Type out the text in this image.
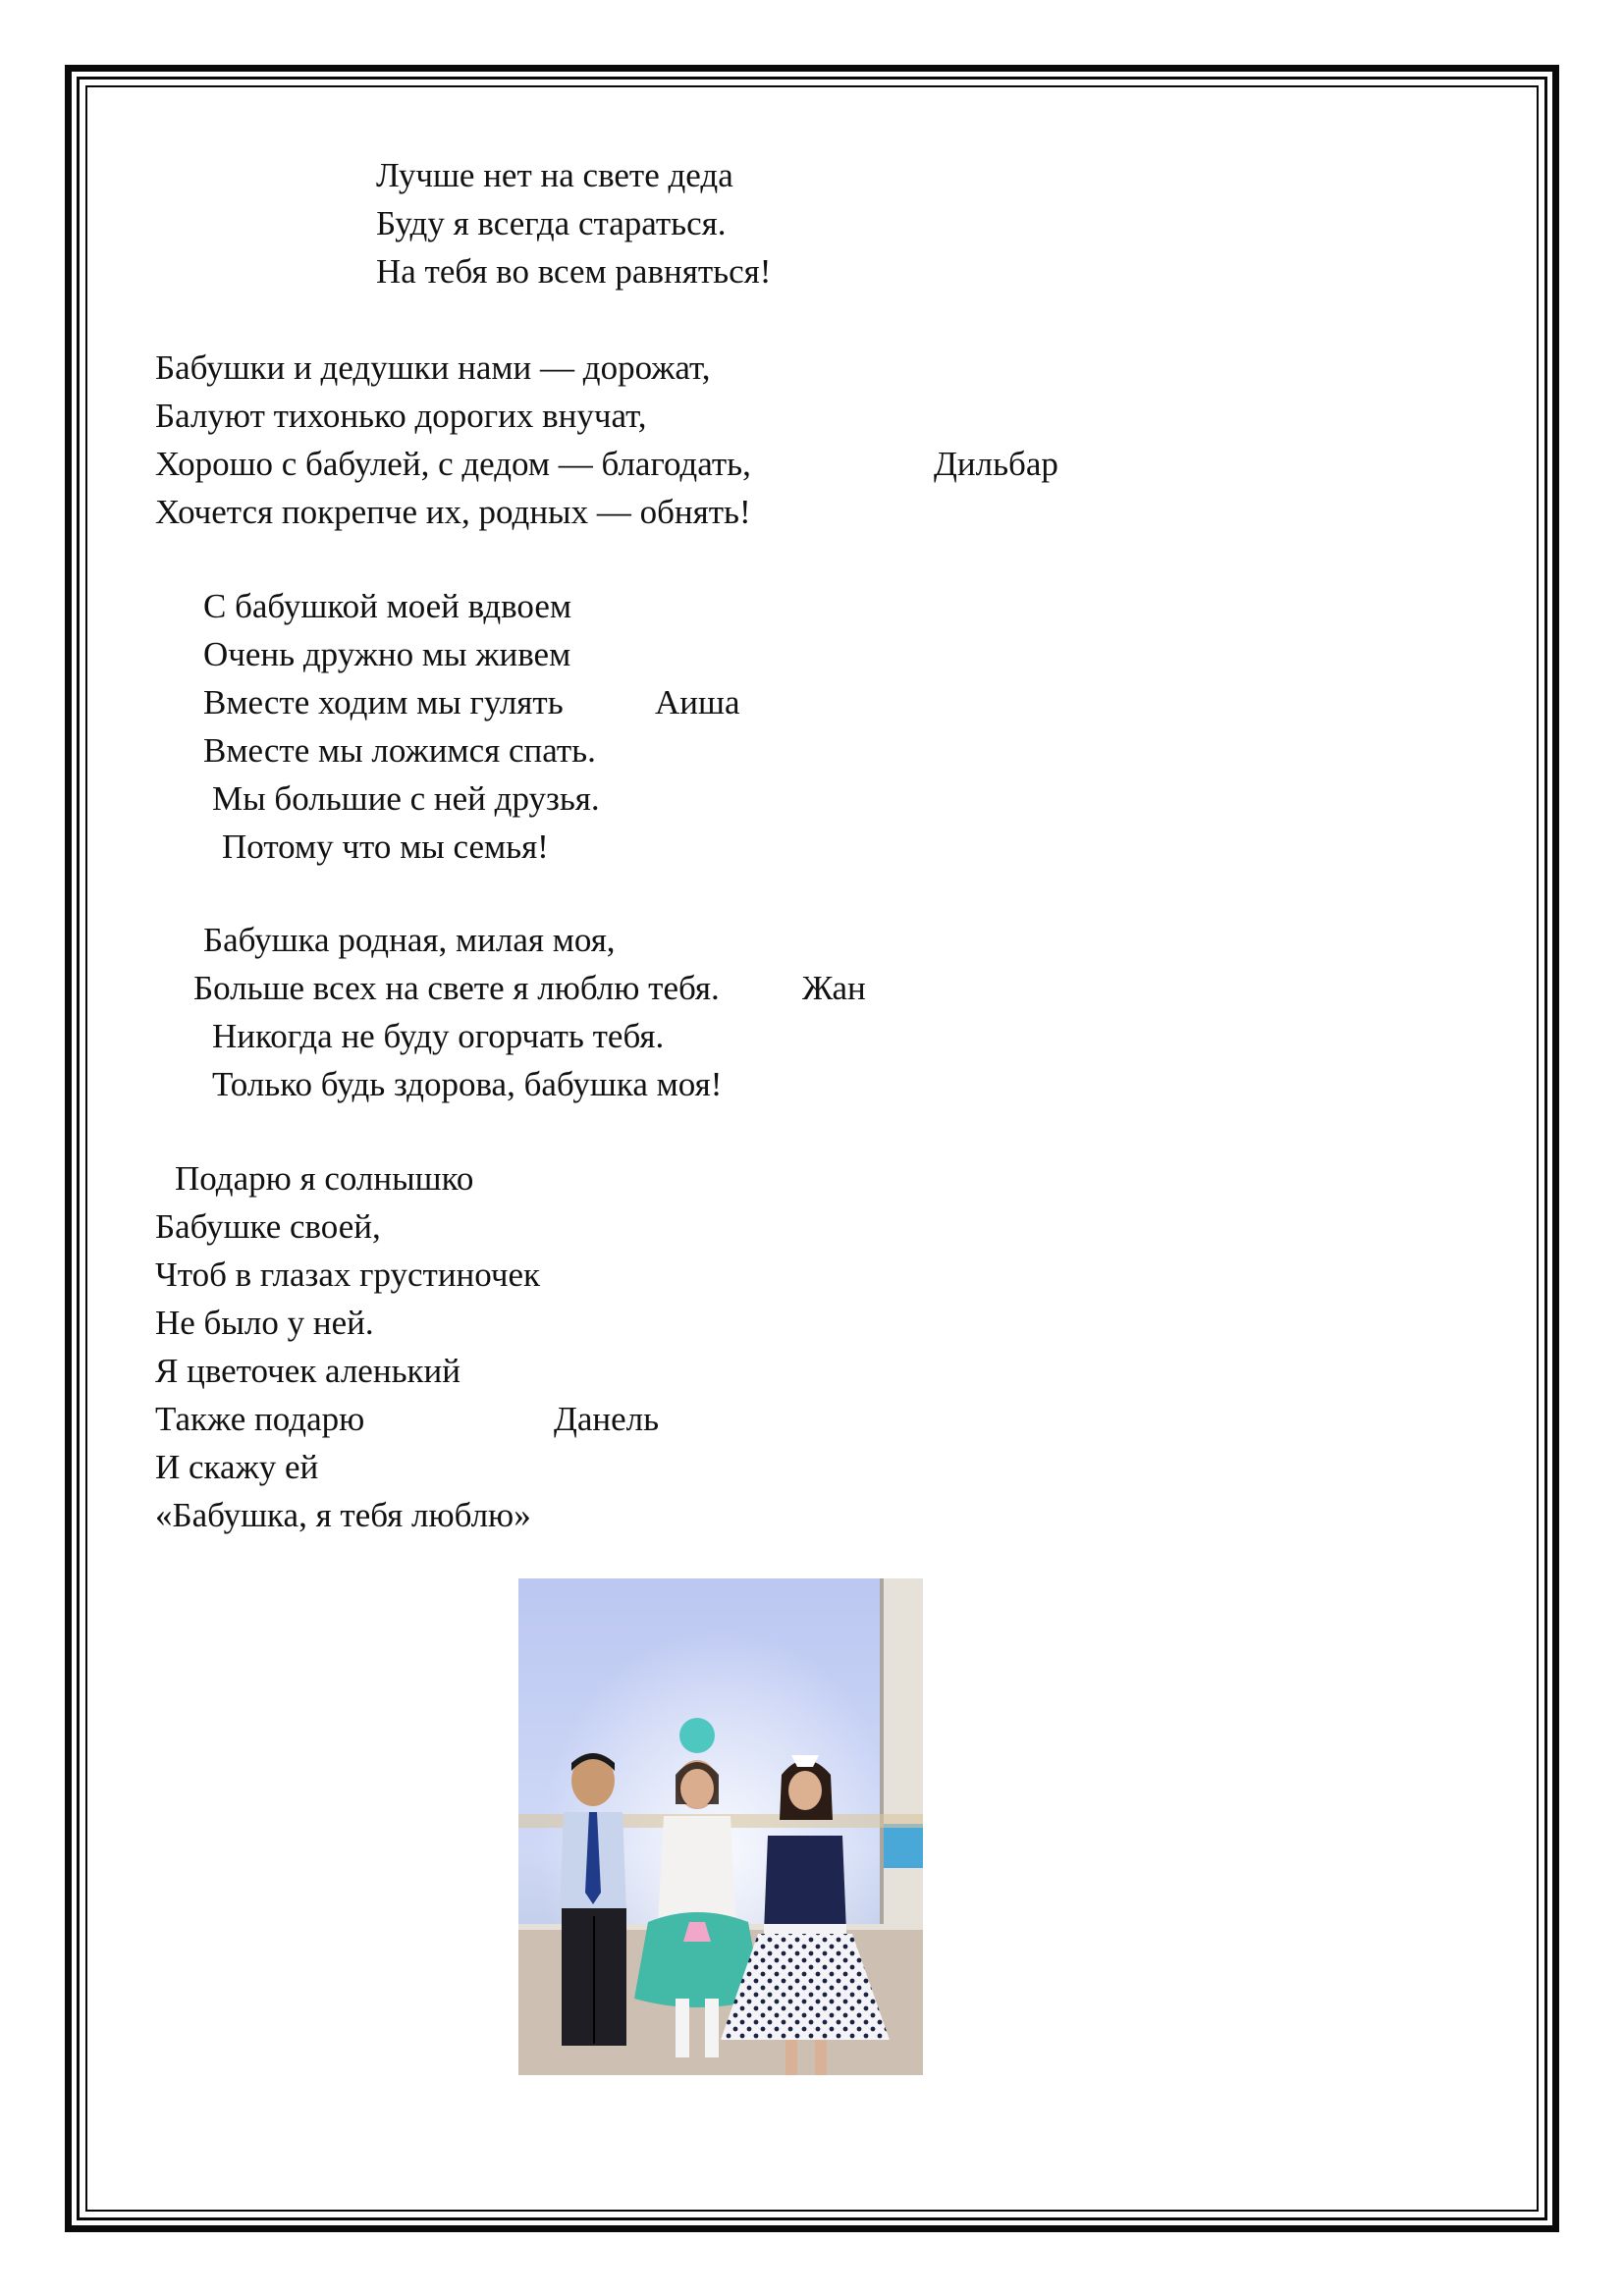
Лучше нет на свете деда
Буду я всегда стараться.
На тебя во всем равняться!
Бабушки и дедушки нами — дорожат,
Балуют тихонько дорогих внучат,
Хорошо с бабулей, с дедом — благодать,
Хочется покрепче их, родных — обнять!
Дильбар
С бабушкой моей вдвоем
Очень дружно мы живем
Вместе ходим мы гулять
Вместе мы ложимся спать.
Мы большие с ней друзья.
Потому что мы семья!
Аиша
Бабушка родная, милая моя,
Больше всех на свете я люблю тебя.
Никогда не буду огорчать тебя.
Только будь здорова, бабушка моя!
Жан
Подарю я солнышко
Бабушке своей,
Чтоб в глазах грустиночек
Не было у ней.
Я цветочек аленький
Также подарю
И скажу ей
«Бабушка, я тебя люблю»
Данель
